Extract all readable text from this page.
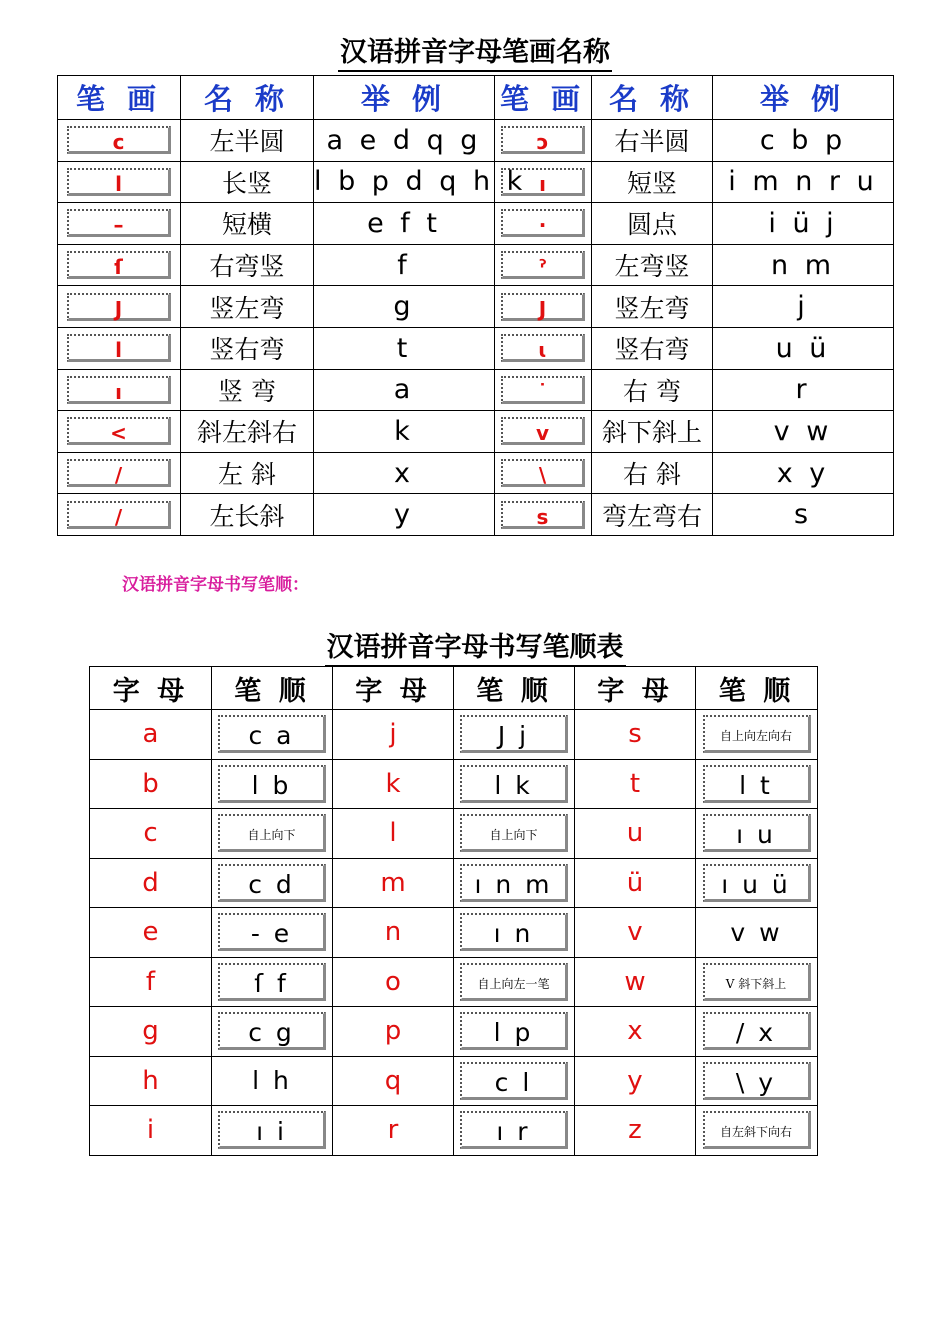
汉语拼音字母笔画名称
笔 画	名 称	举 例	笔 画	名 称	举 例

c	左半圆	a e d q g	ↄ	右半圆	c b p

l	长竖	l b p d q h k	ı	短竖	i m n r u

–	短横	e f t	·	圆点	i ü j

ſ	右弯竖	f	ˀ	左弯竖	n m

J	竖左弯	g	J	竖左弯	j

l	竖右弯	t	ɩ	竖右弯	u ü

ı	竖 弯	a	˙	右 弯	r

<	斜左斜右	k	v	斜下斜上	v w

/	左 斜	x	\	右 斜	x y

/	左长斜	y	s	弯左弯右	s
汉语拼音字母书写笔顺：
汉语拼音字母书写笔顺表
字 母	笔 顺	字 母	笔 顺	字 母	笔 顺
a	c a	j	J j	s	自上向左向右

b	l b	k	l k	t	l t

c	自上向下	l	自上向下	u	ı u

d	c d	m	ı n m	ü	ı u ü

e	- e	n	ı n	v	v w
f	ſ f	o	自上向左一笔	w	V 斜下斜上

g	c g	p	l p	x	/ x

h	l h	q	c l	y	\ y

i	ı i	r	ı r	z	自左斜下向右
